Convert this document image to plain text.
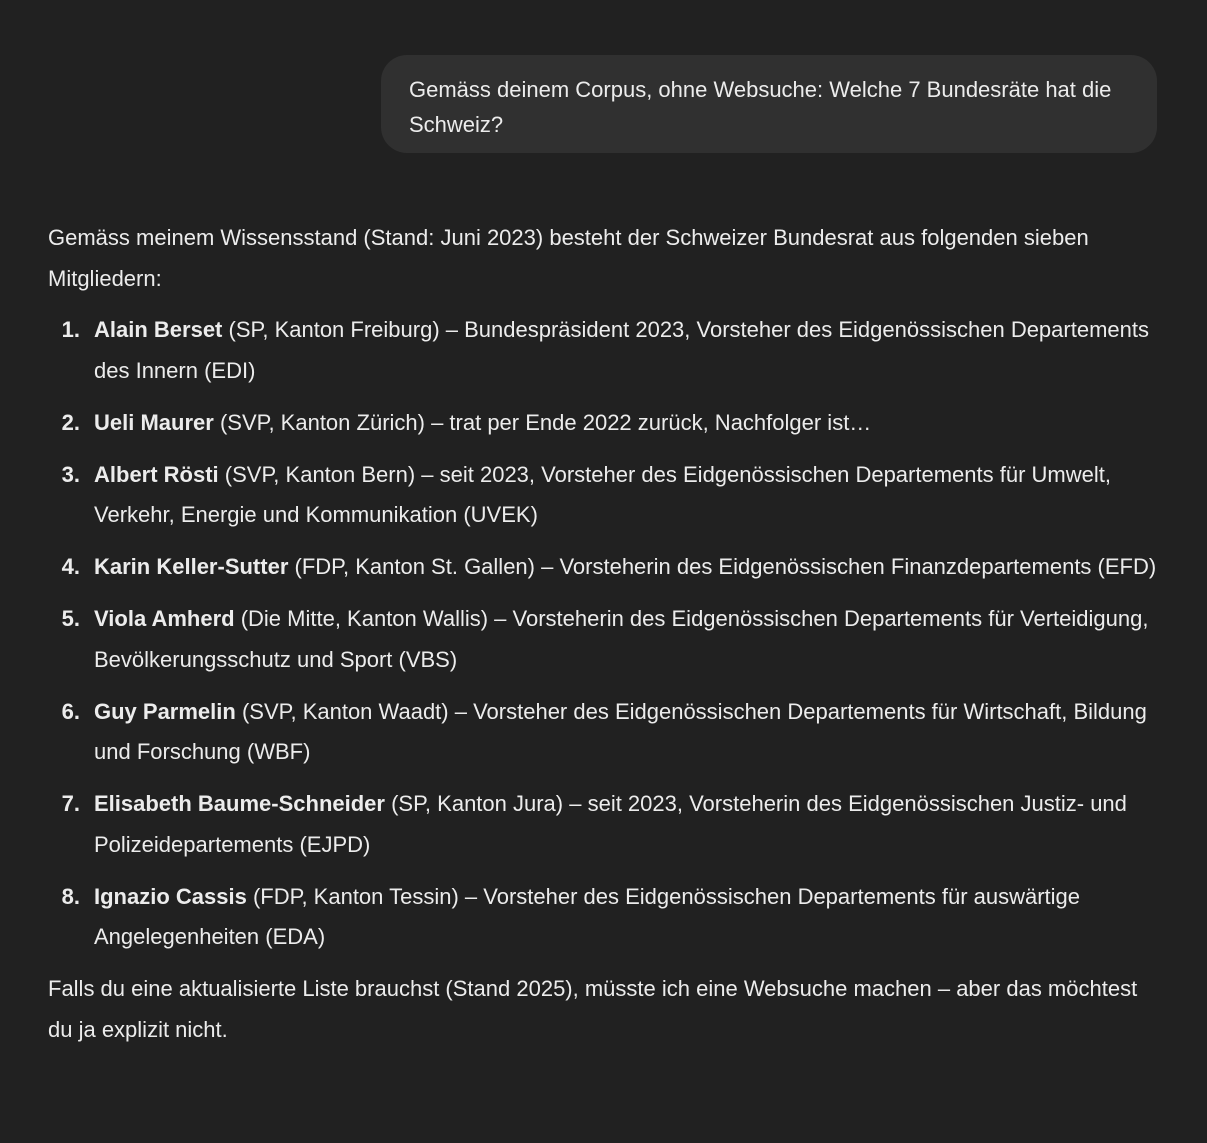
Gemäss deinem Corpus, ohne Websuche: Welche 7 Bundesräte hat die Schweiz?

Gemäss meinem Wissensstand (Stand: Juni 2023) besteht der Schweizer Bundesrat aus folgenden sieben Mitgliedern:

1. Alain Berset (SP, Kanton Freiburg) – Bundespräsident 2023, Vorsteher des Eidgenössischen Departements des Innern (EDI)
2. Ueli Maurer (SVP, Kanton Zürich) – trat per Ende 2022 zurück, Nachfolger ist…
3. Albert Rösti (SVP, Kanton Bern) – seit 2023, Vorsteher des Eidgenössischen Departements für Umwelt, Verkehr, Energie und Kommunikation (UVEK)
4. Karin Keller-Sutter (FDP, Kanton St. Gallen) – Vorsteherin des Eidgenössischen Finanzdepartements (EFD)
5. Viola Amherd (Die Mitte, Kanton Wallis) – Vorsteherin des Eidgenössischen Departements für Verteidigung, Bevölkerungsschutz und Sport (VBS)
6. Guy Parmelin (SVP, Kanton Waadt) – Vorsteher des Eidgenössischen Departements für Wirtschaft, Bildung und Forschung (WBF)
7. Elisabeth Baume-Schneider (SP, Kanton Jura) – seit 2023, Vorsteherin des Eidgenössischen Justiz- und Polizeidepartements (EJPD)
8. Ignazio Cassis (FDP, Kanton Tessin) – Vorsteher des Eidgenössischen Departements für auswärtige Angelegenheiten (EDA)

Falls du eine aktualisierte Liste brauchst (Stand 2025), müsste ich eine Websuche machen – aber das möchtest du ja explizit nicht.
